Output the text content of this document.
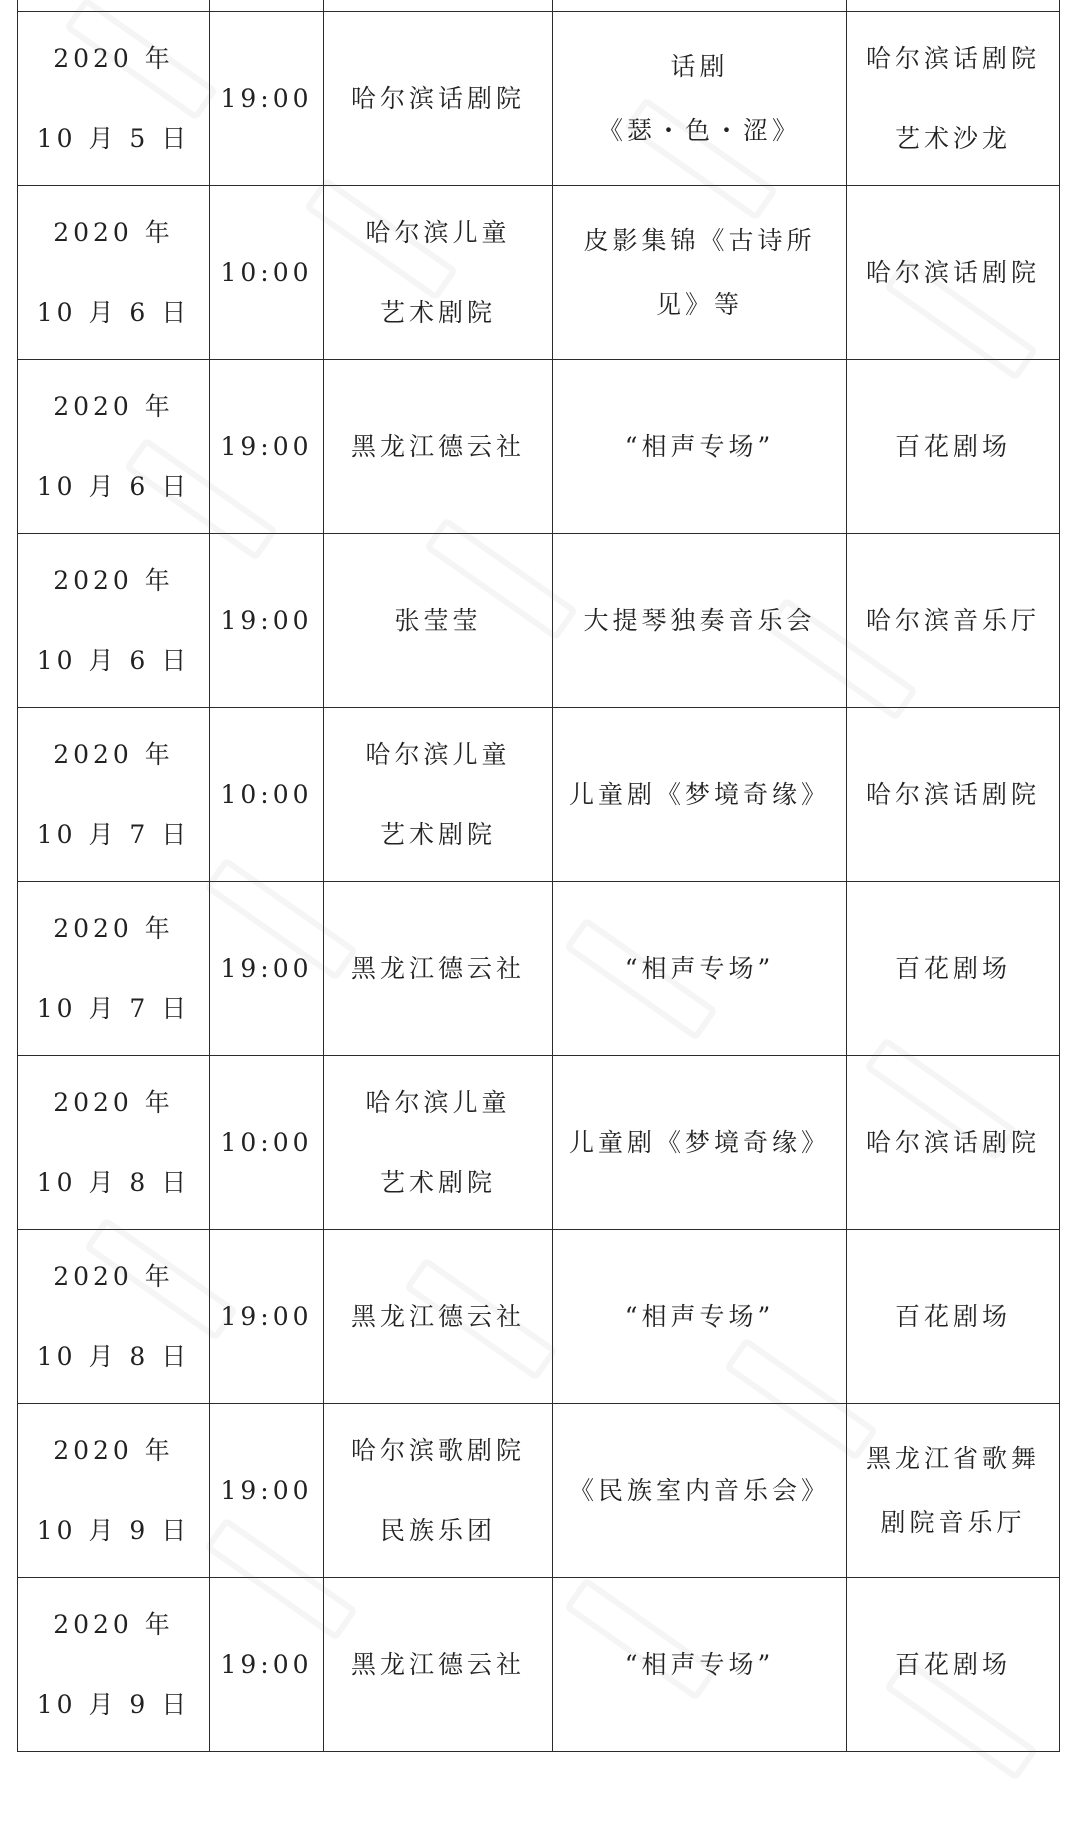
2020 年
10 月 5 日	19:00	哈尔滨话剧院	话剧
《瑟・色・涩》	哈尔滨话剧院
艺术沙龙

2020 年
10 月 6 日	10:00	哈尔滨儿童
艺术剧院	皮影集锦《古诗所
见》等	哈尔滨话剧院

2020 年
10 月 6 日	19:00	黑龙江德云社	“相声专场”	百花剧场

2020 年
10 月 6 日	19:00	张莹莹	大提琴独奏音乐会	哈尔滨音乐厅

2020 年
10 月 7 日	10:00	哈尔滨儿童
艺术剧院	儿童剧《梦境奇缘》	哈尔滨话剧院

2020 年
10 月 7 日	19:00	黑龙江德云社	“相声专场”	百花剧场

2020 年
10 月 8 日	10:00	哈尔滨儿童
艺术剧院	儿童剧《梦境奇缘》	哈尔滨话剧院

2020 年
10 月 8 日	19:00	黑龙江德云社	“相声专场”	百花剧场

2020 年
10 月 9 日	19:00	哈尔滨歌剧院
民族乐团	《民族室内音乐会》	黑龙江省歌舞
剧院音乐厅

2020 年
10 月 9 日	19:00	黑龙江德云社	“相声专场”	百花剧场
